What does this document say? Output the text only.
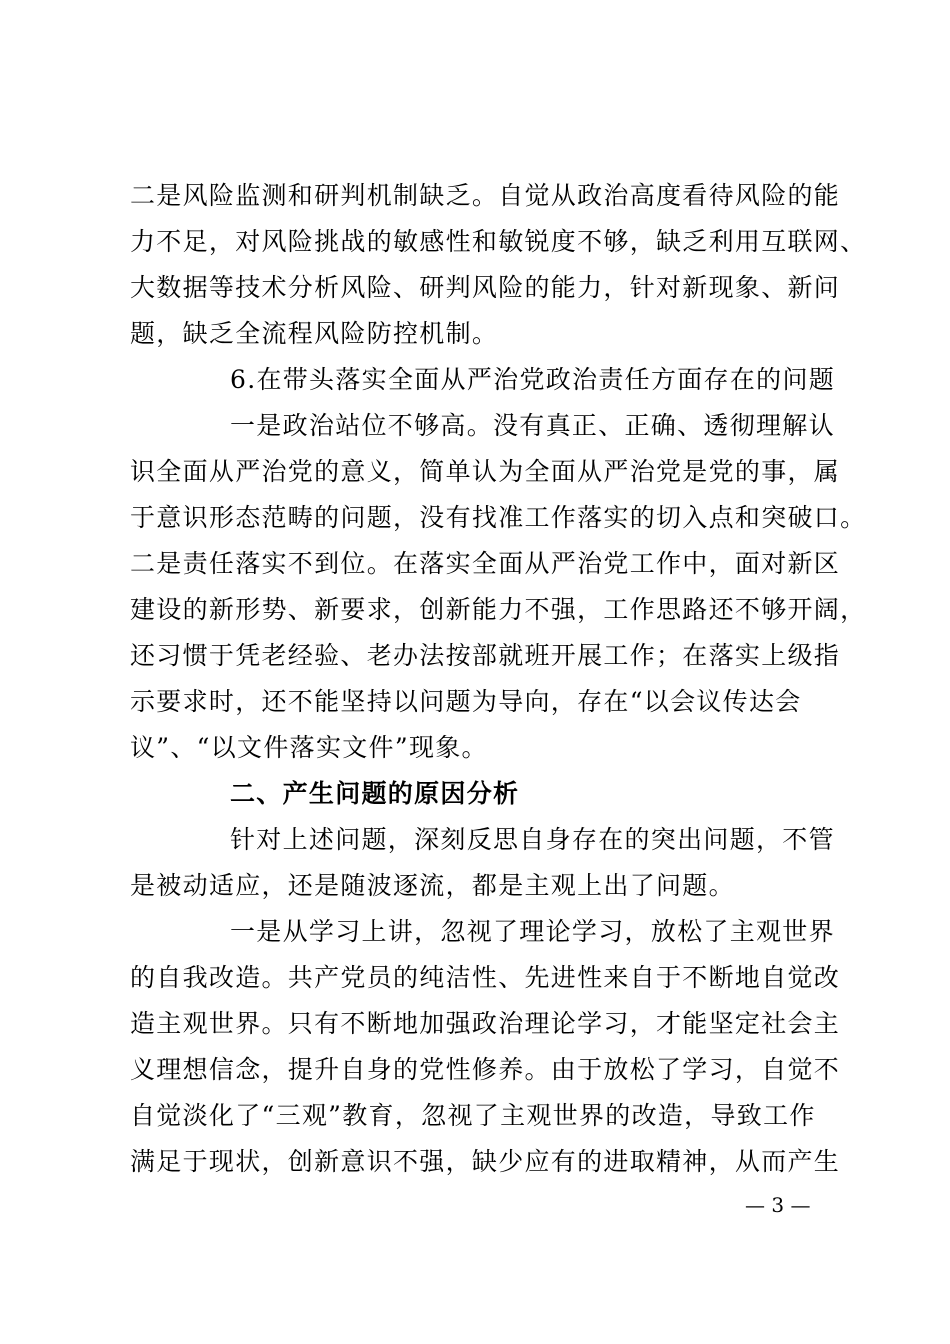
二是风险监测和研判机制缺乏。自觉从政治高度看待风险的能
力不足，对风险挑战的敏感性和敏锐度不够，缺乏利用互联网、
大数据等技术分析风险、研判风险的能力，针对新现象、新问
题，缺乏全流程风险防控机制。
6.在带头落实全面从严治党政治责任方面存在的问题
一是政治站位不够高。没有真正、正确、透彻理解认
识全面从严治党的意义，简单认为全面从严治党是党的事，属
于意识形态范畴的问题，没有找准工作落实的切入点和突破口。
二是责任落实不到位。在落实全面从严治党工作中，面对新区
建设的新形势、新要求，创新能力不强，工作思路还不够开阔，
还习惯于凭老经验、老办法按部就班开展工作；在落实上级指
示要求时，还不能坚持以问题为导向，存在“以会议传达会
议”、“以文件落实文件”现象。
二、产生问题的原因分析
针对上述问题，深刻反思自身存在的突出问题，不管
是被动适应，还是随波逐流，都是主观上出了问题。
一是从学习上讲，忽视了理论学习，放松了主观世界
的自我改造。共产党员的纯洁性、先进性来自于不断地自觉改
造主观世界。只有不断地加强政治理论学习，才能坚定社会主
义理想信念，提升自身的党性修养。由于放松了学习，自觉不
自觉淡化了“三观”教育，忽视了主观世界的改造，导致工作
满足于现状，创新意识不强，缺少应有的进取精神，从而产生
— 3 —
